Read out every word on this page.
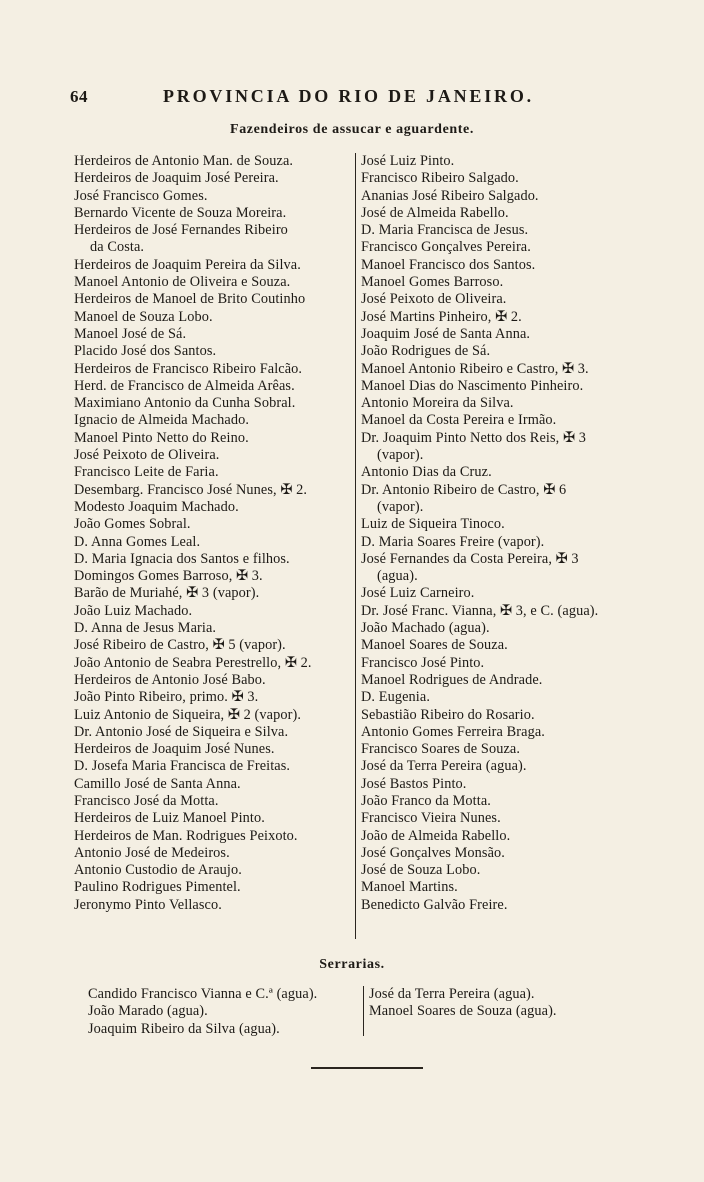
64	PROVINCIA DO RIO DE JANEIRO.
Fazendeiros de assucar e aguardente.
Herdeiros de Antonio Man. de Souza.
Herdeiros de Joaquim José Pereira.
José Francisco Gomes.
Bernardo Vicente de Souza Moreira.
Herdeiros de José Fernandes Ribeiro
da Costa.
Herdeiros de Joaquim Pereira da Silva.
Manoel Antonio de Oliveira e Souza.
Herdeiros de Manoel de Brito Coutinho
Manoel de Souza Lobo.
Manoel José de Sá.
Placido José dos Santos.
Herdeiros de Francisco Ribeiro Falcão.
Herd. de Francisco de Almeida Arêas.
Maximiano Antonio da Cunha Sobral.
Ignacio de Almeida Machado.
Manoel Pinto Netto do Reino.
José Peixoto de Oliveira.
Francisco Leite de Faria.
Desembarg. Francisco José Nunes, ✠ 2.
Modesto Joaquim Machado.
João Gomes Sobral.
D. Anna Gomes Leal.
D. Maria Ignacia dos Santos e filhos.
Domingos Gomes Barroso, ✠ 3.
Barão de Muriahé, ✠ 3 (vapor).
João Luiz Machado.
D. Anna de Jesus Maria.
José Ribeiro de Castro, ✠ 5 (vapor).
João Antonio de Seabra Perestrello, ✠ 2.
Herdeiros de Antonio José Babo.
João Pinto Ribeiro, primo. ✠ 3.
Luiz Antonio de Siqueira, ✠ 2 (vapor).
Dr. Antonio José de Siqueira e Silva.
Herdeiros de Joaquim José Nunes.
D. Josefa Maria Francisca de Freitas.
Camillo José de Santa Anna.
Francisco José da Motta.
Herdeiros de Luiz Manoel Pinto.
Herdeiros de Man. Rodrigues Peixoto.
Antonio José de Medeiros.
Antonio Custodio de Araujo.
Paulino Rodrigues Pimentel.
Jeronymo Pinto Vellasco.
José Luiz Pinto.
Francisco Ribeiro Salgado.
Ananias José Ribeiro Salgado.
José de Almeida Rabello.
D. Maria Francisca de Jesus.
Francisco Gonçalves Pereira.
Manoel Francisco dos Santos.
Manoel Gomes Barroso.
José Peixoto de Oliveira.
José Martins Pinheiro, ✠ 2.
Joaquim José de Santa Anna.
João Rodrigues de Sá.
Manoel Antonio Ribeiro e Castro, ✠ 3.
Manoel Dias do Nascimento Pinheiro.
Antonio Moreira da Silva.
Manoel da Costa Pereira e Irmão.
Dr. Joaquim Pinto Netto dos Reis, ✠ 3
(vapor).
Antonio Dias da Cruz.
Dr. Antonio Ribeiro de Castro, ✠ 6
(vapor).
Luiz de Siqueira Tinoco.
D. Maria Soares Freire (vapor).
José Fernandes da Costa Pereira, ✠ 3
(agua).
José Luiz Carneiro.
Dr. José Franc. Vianna, ✠ 3, e C. (agua).
João Machado (agua).
Manoel Soares de Souza.
Francisco José Pinto.
Manoel Rodrigues de Andrade.
D. Eugenia.
Sebastião Ribeiro do Rosario.
Antonio Gomes Ferreira Braga.
Francisco Soares de Souza.
José da Terra Pereira (agua).
José Bastos Pinto.
João Franco da Motta.
Francisco Vieira Nunes.
João de Almeida Rabello.
José Gonçalves Monsão.
José de Souza Lobo.
Manoel Martins.
Benedicto Galvão Freire.
Serrarias.
Candido Francisco Vianna e C.ª (agua).
João Marado (agua).
Joaquim Ribeiro da Silva (agua).
José da Terra Pereira (agua).
Manoel Soares de Souza (agua).
